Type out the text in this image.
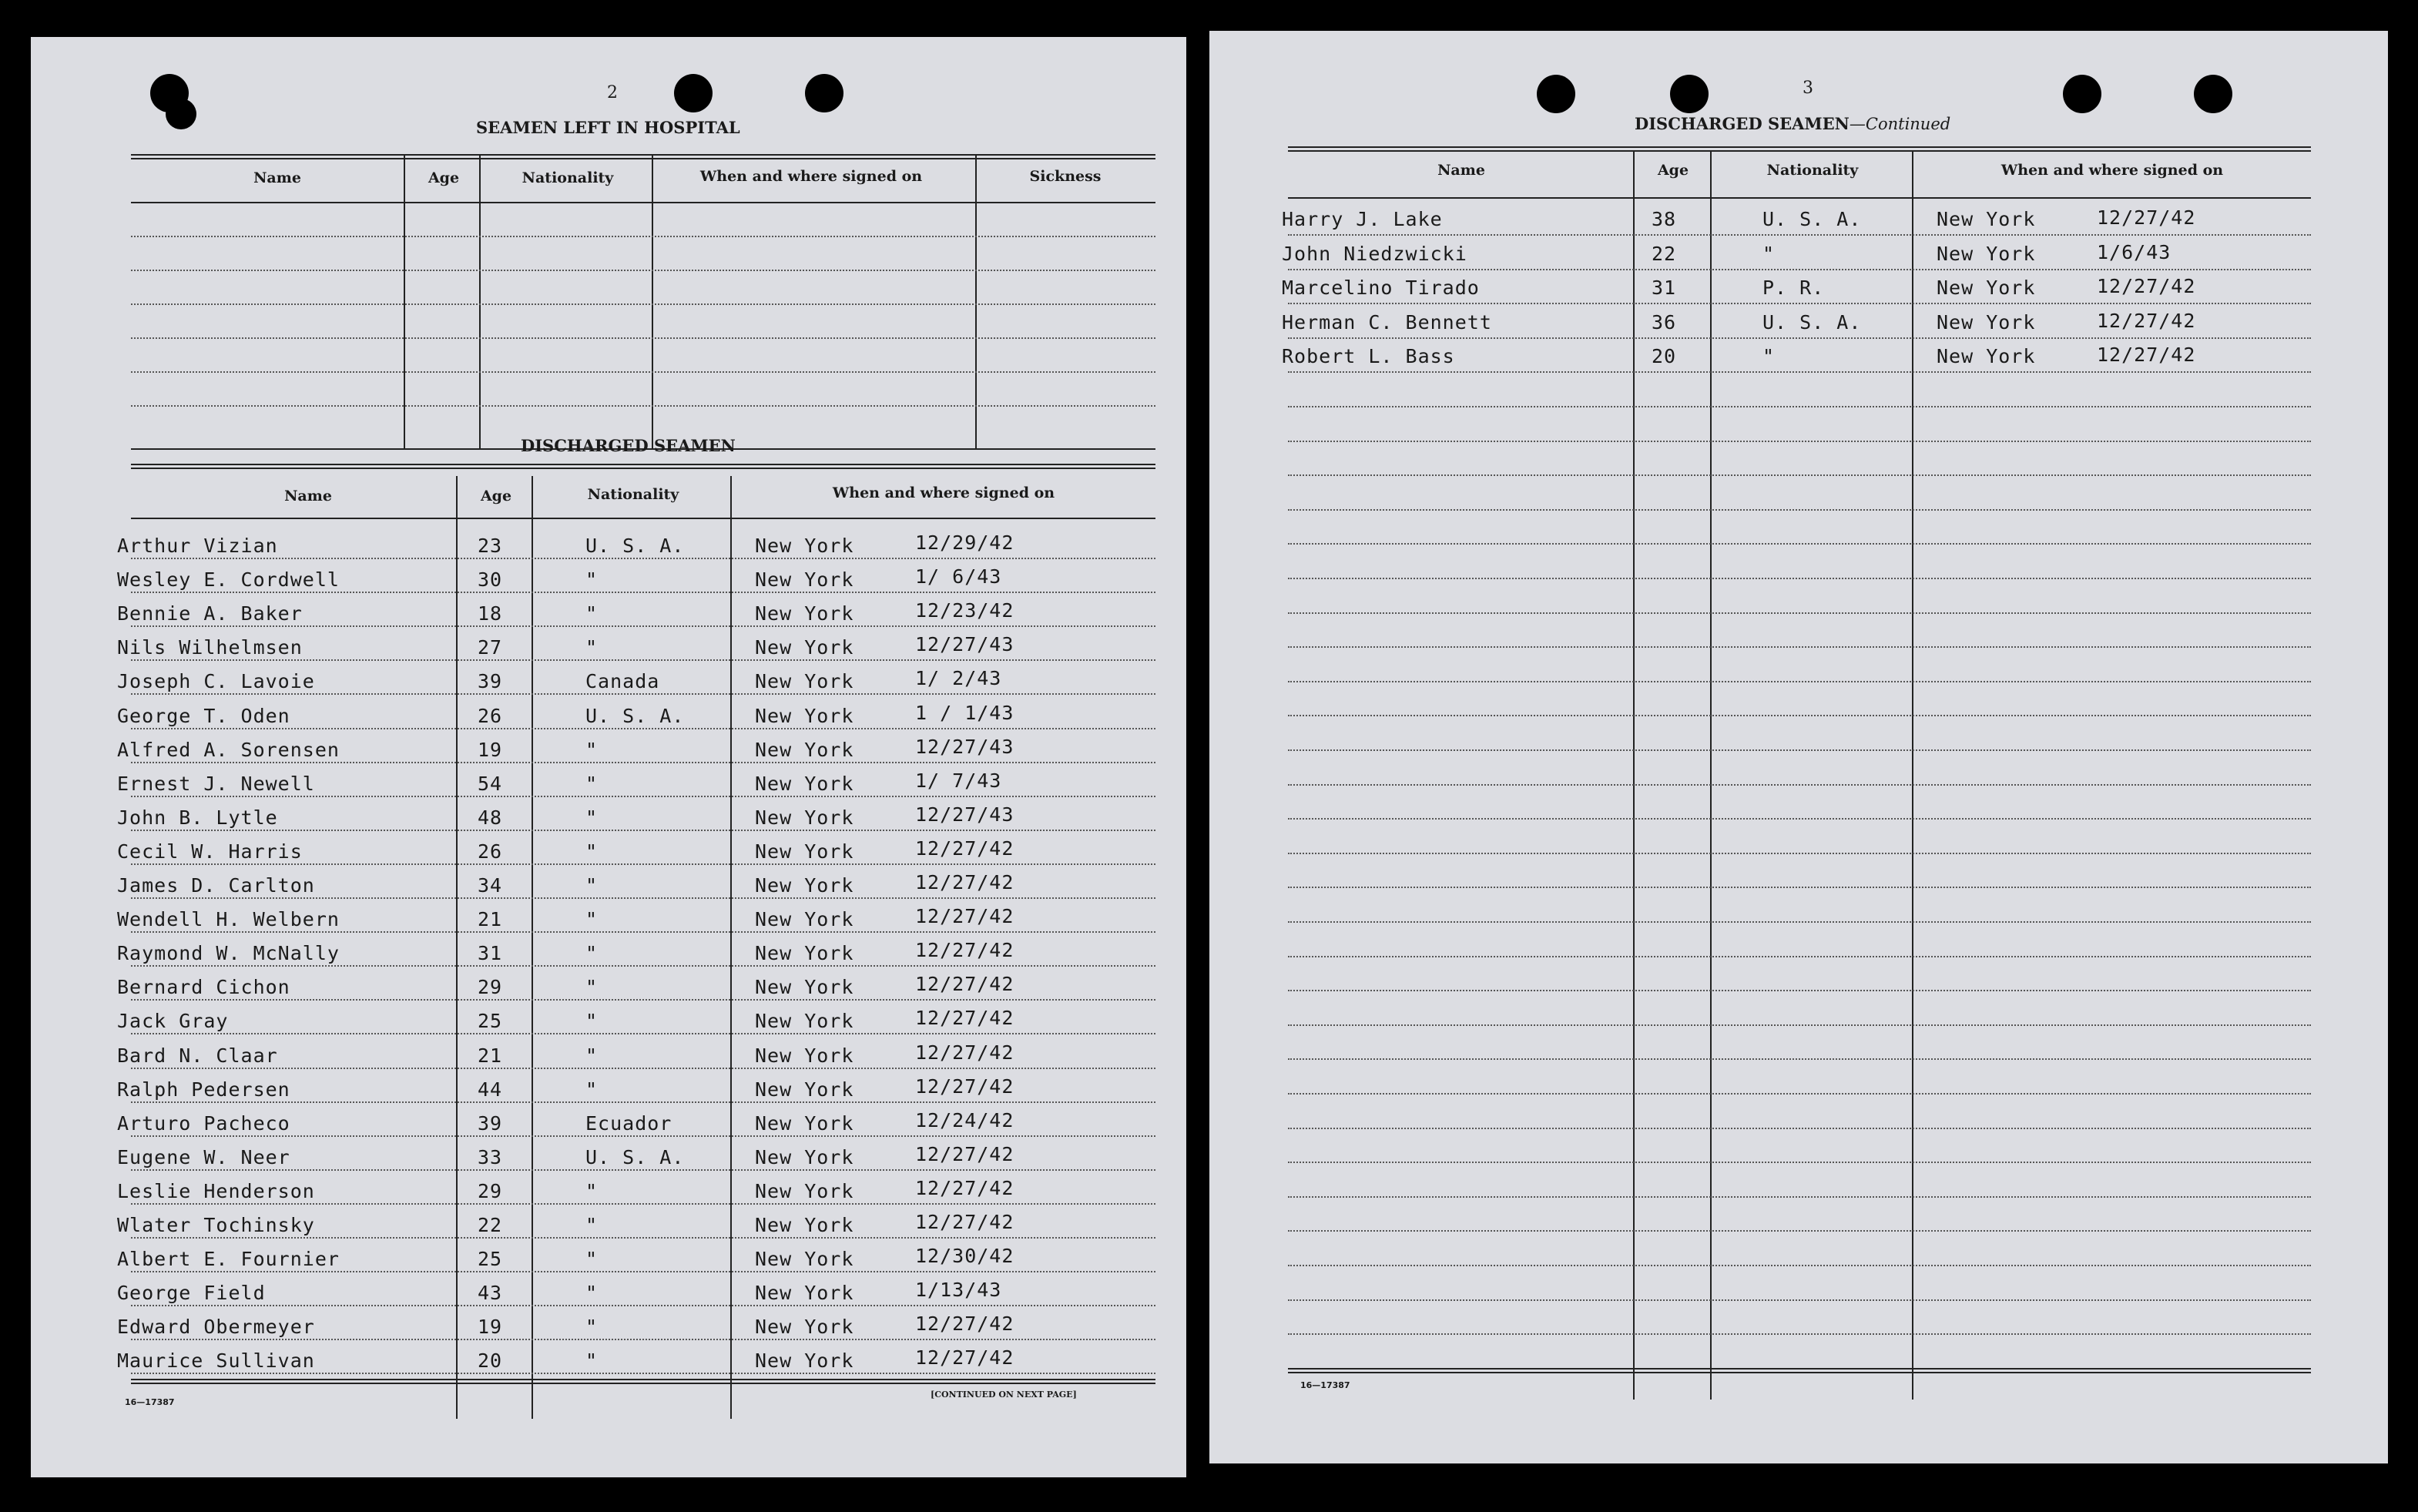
2
SEAMEN LEFT IN HOSPITAL
Name	Age	Nationality	When and where signed on	Sickness
DISCHARGED SEAMEN
Name	Age	Nationality	When and where signed on
Arthur Vizian	23	U. S. A.	New York	12/29/42
Wesley E. Cordwell	30	"	New York	1/ 6/43
Bennie A. Baker	18	"	New York	12/23/42
Nils Wilhelmsen	27	"	New York	12/27/43
Joseph C. Lavoie	39	Canada	New York	1/ 2/43
George T. Oden	26	U. S. A.	New York	1 / 1/43
Alfred A. Sorensen	19	"	New York	12/27/43
Ernest J. Newell	54	"	New York	1/ 7/43
John B. Lytle	48	"	New York	12/27/43
Cecil W. Harris	26	"	New York	12/27/42
James D. Carlton	34	"	New York	12/27/42
Wendell H. Welbern	21	"	New York	12/27/42
Raymond W. McNally	31	"	New York	12/27/42
Bernard Cichon	29	"	New York	12/27/42
Jack Gray	25	"	New York	12/27/42
Bard N. Claar	21	"	New York	12/27/42
Ralph Pedersen	44	"	New York	12/27/42
Arturo Pacheco	39	Ecuador	New York	12/24/42
Eugene W. Neer	33	U. S. A.	New York	12/27/42
Leslie Henderson	29	"	New York	12/27/42
Wlater Tochinsky	22	"	New York	12/27/42
Albert E. Fournier	25	"	New York	12/30/42
George Field	43	"	New York	1/13/43
Edward Obermeyer	19	"	New York	12/27/42
Maurice Sullivan	20	"	New York	12/27/42
16—17387
[CONTINUED ON NEXT PAGE]
3
DISCHARGED SEAMEN—Continued
Name	Age	Nationality	When and where signed on
Harry J. Lake	38	U. S. A.	New York	12/27/42
John Niedzwicki	22	"	New York	1/6/43
Marcelino Tirado	31	P. R.	New York	12/27/42
Herman C. Bennett	36	U. S. A.	New York	12/27/42
Robert L. Bass	20	"	New York	12/27/42
16—17387
